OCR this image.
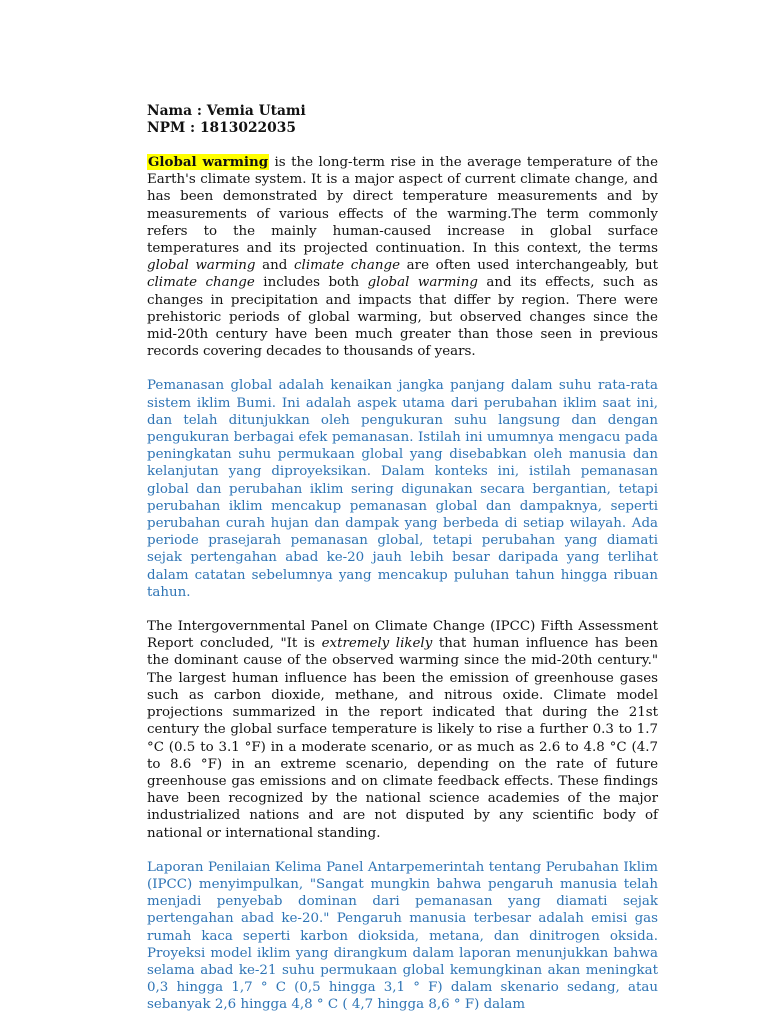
Nama : Vemia Utami
NPM : 1813022035

Global warming is the long-term rise in the average temperature of the Earth's climate system. It is a major aspect of current climate change, and has been demonstrated by direct temperature measurements and by measurements of various effects of the warming.The term commonly refers to the mainly human-caused increase in global surface temperatures and its projected continuation. In this context, the terms global warming and climate change are often used interchangeably, but climate change includes both global warming and its effects, such as changes in precipitation and impacts that differ by region. There were prehistoric periods of global warming, but observed changes since the mid-20th century have been much greater than those seen in previous records covering decades to thousands of years.

Pemanasan global adalah kenaikan jangka panjang dalam suhu rata-rata sistem iklim Bumi. Ini adalah aspek utama dari perubahan iklim saat ini, dan telah ditunjukkan oleh pengukuran suhu langsung dan dengan pengukuran berbagai efek pemanasan. Istilah ini umumnya mengacu pada peningkatan suhu permukaan global yang disebabkan oleh manusia dan kelanjutan yang diproyeksikan. Dalam konteks ini, istilah pemanasan global dan perubahan iklim sering digunakan secara bergantian, tetapi perubahan iklim mencakup pemanasan global dan dampaknya, seperti perubahan curah hujan dan dampak yang berbeda di setiap wilayah. Ada periode prasejarah pemanasan global, tetapi perubahan yang diamati sejak pertengahan abad ke-20 jauh lebih besar daripada yang terlihat dalam catatan sebelumnya yang mencakup puluhan tahun hingga ribuan tahun.

The Intergovernmental Panel on Climate Change (IPCC) Fifth Assessment Report concluded, "It is extremely likely that human influence has been the dominant cause of the observed warming since the mid-20th century." The largest human influence has been the emission of greenhouse gases such as carbon dioxide, methane, and nitrous oxide. Climate model projections summarized in the report indicated that during the 21st century the global surface temperature is likely to rise a further 0.3 to 1.7 °C (0.5 to 3.1 °F) in a moderate scenario, or as much as 2.6 to 4.8 °C (4.7 to 8.6 °F) in an extreme scenario, depending on the rate of future greenhouse gas emissions and on climate feedback effects. These findings have been recognized by the national science academies of the major industrialized nations and are not disputed by any scientific body of national or international standing.

Laporan Penilaian Kelima Panel Antarpemerintah tentang Perubahan Iklim (IPCC) menyimpulkan, "Sangat mungkin bahwa pengaruh manusia telah menjadi penyebab dominan dari pemanasan yang diamati sejak pertengahan abad ke-20." Pengaruh manusia terbesar adalah emisi gas rumah kaca seperti karbon dioksida, metana, dan dinitrogen oksida. Proyeksi model iklim yang dirangkum dalam laporan menunjukkan bahwa selama abad ke-21 suhu permukaan global kemungkinan akan meningkat 0,3 hingga 1,7 ° C (0,5 hingga 3,1 ° F) dalam skenario sedang, atau sebanyak 2,6 hingga 4,8 ° C ( 4,7 hingga 8,6 ° F) dalam
